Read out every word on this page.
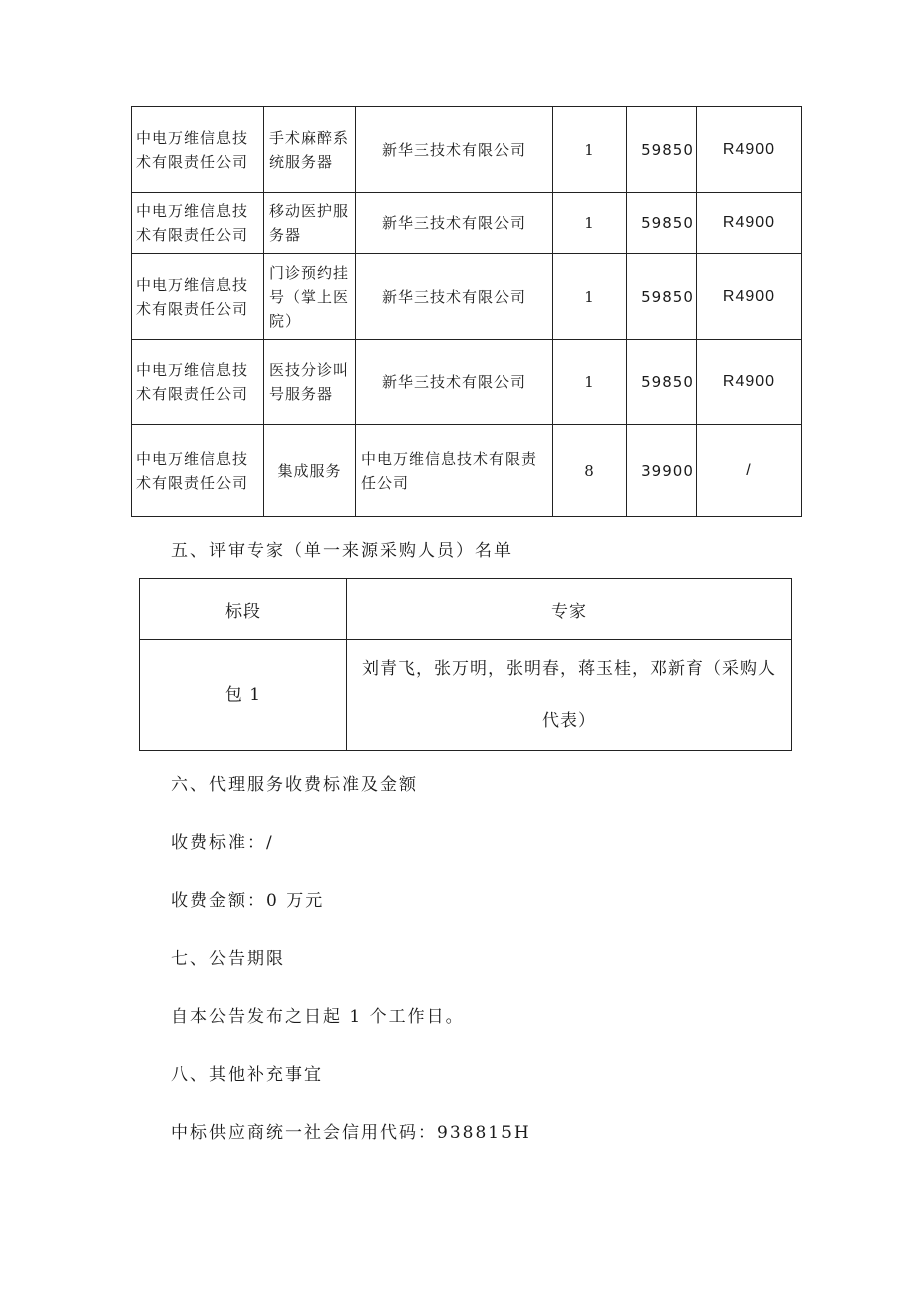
中电万维信息技术有限责任公司	手术麻醉系统服务器	新华三技术有限公司	1	59850	R4900
中电万维信息技术有限责任公司	移动医护服务器	新华三技术有限公司	1	59850	R4900
中电万维信息技术有限责任公司	门诊预约挂号（掌上医院）	新华三技术有限公司	1	59850	R4900
中电万维信息技术有限责任公司	医技分诊叫号服务器	新华三技术有限公司	1	59850	R4900
中电万维信息技术有限责任公司	集成服务	中电万维信息技术有限责任公司	8	39900	/

五、评审专家（单一来源采购人员）名单

标段	专家
包 1	刘青飞，张万明，张明春，蒋玉桂，邓新育（采购人代表）

六、代理服务收费标准及金额

收费标准：/

收费金额：0 万元

七、公告期限

自本公告发布之日起 1 个工作日。

八、其他补充事宜

中标供应商统一社会信用代码：938815H
